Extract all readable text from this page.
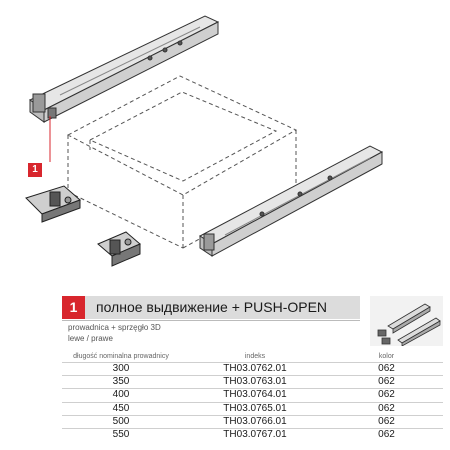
1
1	полное выдвижение + PUSH-OPEN
prowadnica + sprzęgło 3D
lewe / prawe
długość nominalna prowadnicy	indeks	kolor
300	TH03.0762.01	062
350	TH03.0763.01	062
400	TH03.0764.01	062
450	TH03.0765.01	062
500	TH03.0766.01	062
550	TH03.0767.01	062
